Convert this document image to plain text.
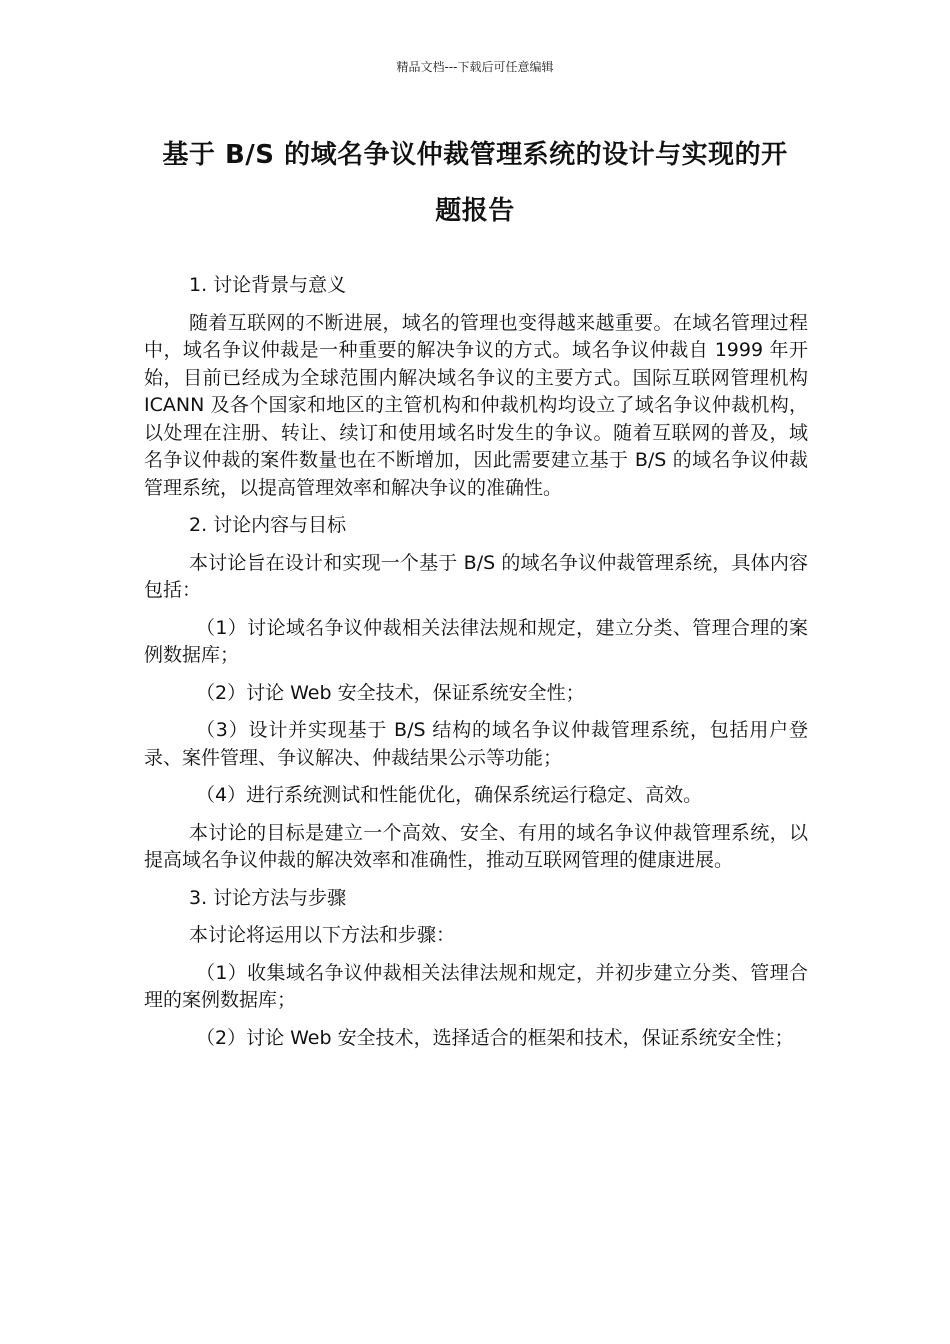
精品文档---下载后可任意编辑
基于 B/S 的域名争议仲裁管理系统的设计与实现的开
题报告

1. 讨论背景与意义

随着互联网的不断进展，域名的管理也变得越来越重要。在域名管理过程中，域名争议仲裁是一种重要的解决争议的方式。域名争议仲裁自 1999 年开始，目前已经成为全球范围内解决域名争议的主要方式。国际互联网管理机构 ICANN 及各个国家和地区的主管机构和仲裁机构均设立了域名争议仲裁机构，以处理在注册、转让、续订和使用域名时发生的争议。随着互联网的普及，域名争议仲裁的案件数量也在不断增加，因此需要建立基于 B/S 的域名争议仲裁管理系统，以提高管理效率和解决争议的准确性。

2. 讨论内容与目标

本讨论旨在设计和实现一个基于 B/S 的域名争议仲裁管理系统，具体内容包括：

（1）讨论域名争议仲裁相关法律法规和规定，建立分类、管理合理的案例数据库；

（2）讨论 Web 安全技术，保证系统安全性；

（3）设计并实现基于 B/S 结构的域名争议仲裁管理系统，包括用户登录、案件管理、争议解决、仲裁结果公示等功能；

（4）进行系统测试和性能优化，确保系统运行稳定、高效。

本讨论的目标是建立一个高效、安全、有用的域名争议仲裁管理系统，以提高域名争议仲裁的解决效率和准确性，推动互联网管理的健康进展。

3. 讨论方法与步骤

本讨论将运用以下方法和步骤：

（1）收集域名争议仲裁相关法律法规和规定，并初步建立分类、管理合理的案例数据库；

（2）讨论 Web 安全技术，选择适合的框架和技术，保证系统安全性；
